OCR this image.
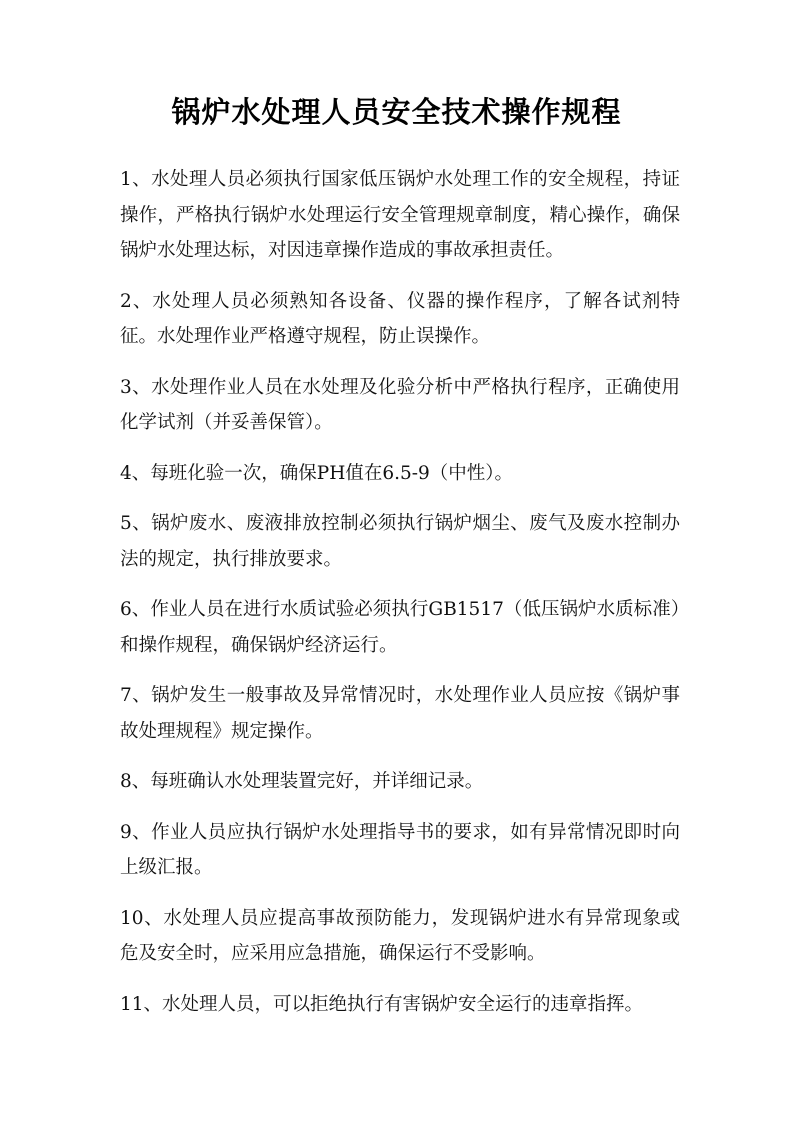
锅炉水处理人员安全技术操作规程

1、水处理人员必须执行国家低压锅炉水处理工作的安全规程，持证操作，严格执行锅炉水处理运行安全管理规章制度，精心操作，确保锅炉水处理达标，对因违章操作造成的事故承担责任。

2、水处理人员必须熟知各设备、仪器的操作程序，了解各试剂特征。水处理作业严格遵守规程，防止误操作。

3、水处理作业人员在水处理及化验分析中严格执行程序，正确使用化学试剂（并妥善保管）。

4、每班化验一次，确保PH值在6.5-9（中性）。

5、锅炉废水、废液排放控制必须执行锅炉烟尘、废气及废水控制办法的规定，执行排放要求。

6、作业人员在进行水质试验必须执行GB1517（低压锅炉水质标准）和操作规程，确保锅炉经济运行。

7、锅炉发生一般事故及异常情况时，水处理作业人员应按《锅炉事故处理规程》规定操作。

8、每班确认水处理装置完好，并详细记录。

9、作业人员应执行锅炉水处理指导书的要求，如有异常情况即时向上级汇报。

10、水处理人员应提高事故预防能力，发现锅炉进水有异常现象或危及安全时，应采用应急措施，确保运行不受影响。

11、水处理人员，可以拒绝执行有害锅炉安全运行的违章指挥。
